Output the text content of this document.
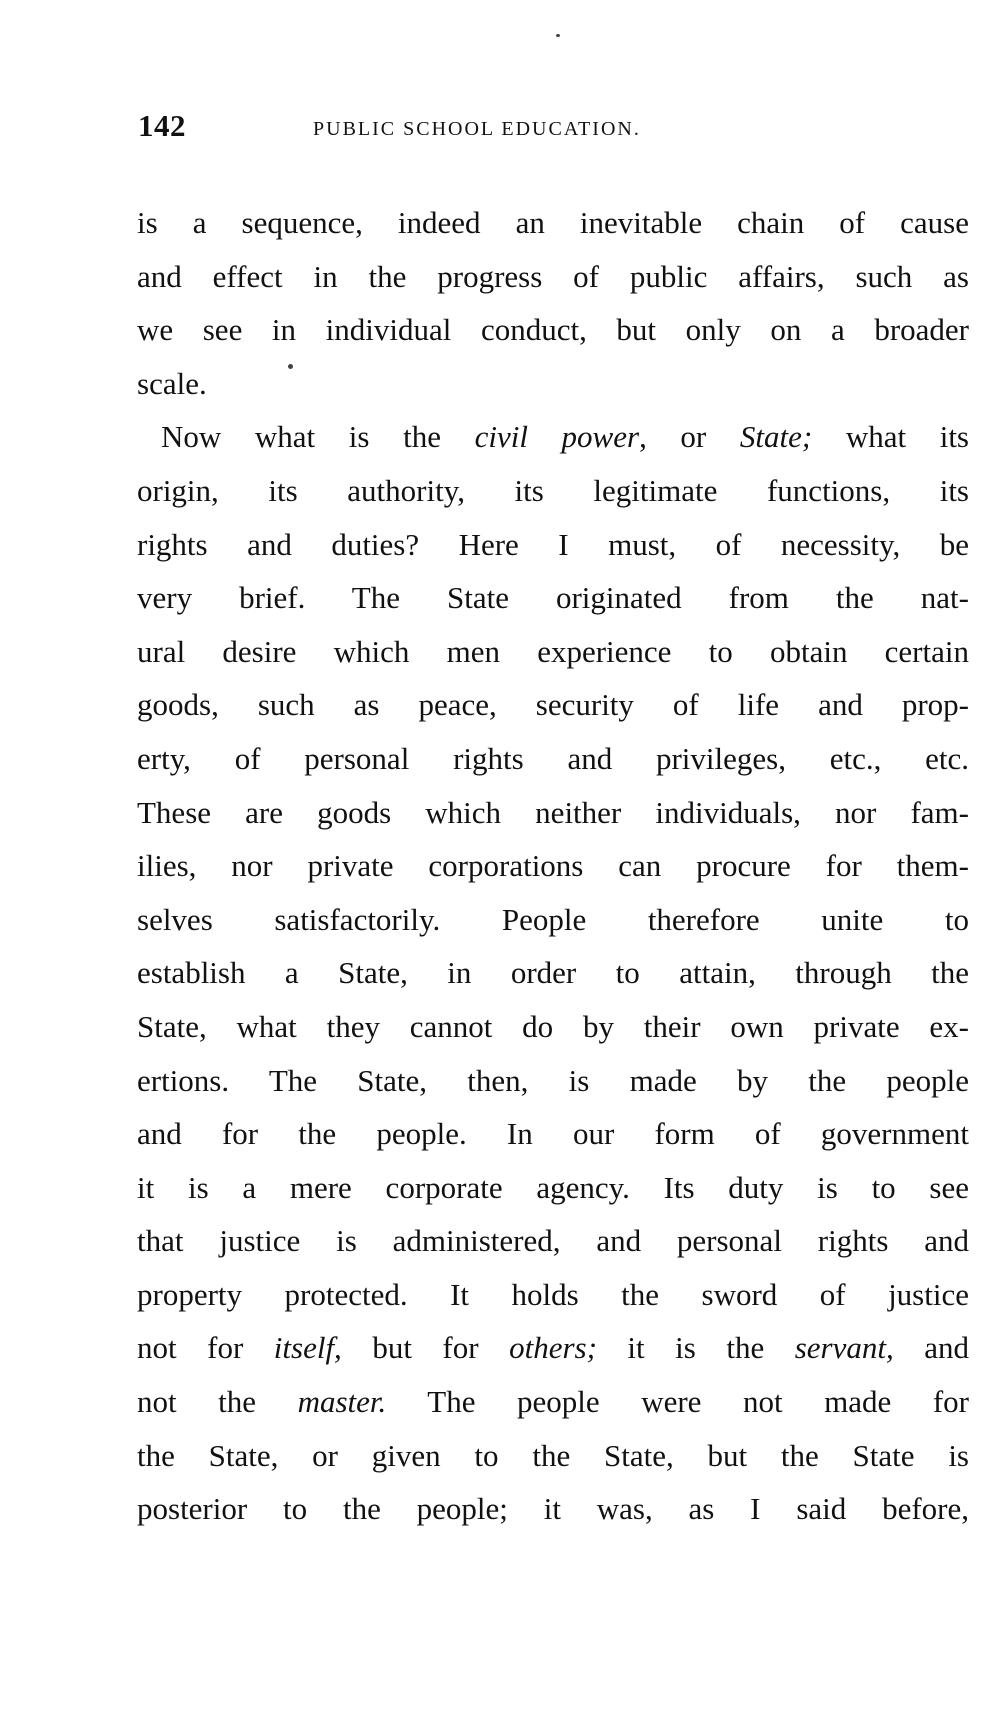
142	PUBLIC SCHOOL EDUCATION.
is a sequence, indeed an inevitable chain of cause
and effect in the progress of public affairs, such as
we see in individual conduct, but only on a broader
scale.
Now what is the civil power, or State; what its
origin, its authority, its legitimate functions, its
rights and duties? Here I must, of necessity, be
very brief. The State originated from the nat-
ural desire which men experience to obtain certain
goods, such as peace, security of life and prop-
erty, of personal rights and privileges, etc., etc.
These are goods which neither individuals, nor fam-
ilies, nor private corporations can procure for them-
selves satisfactorily. People therefore unite to
establish a State, in order to attain, through the
State, what they cannot do by their own private ex-
ertions. The State, then, is made by the people
and for the people. In our form of government
it is a mere corporate agency. Its duty is to see
that justice is administered, and personal rights and
property protected. It holds the sword of justice
not for itself, but for others; it is the servant, and
not the master. The people were not made for
the State, or given to the State, but the State is
posterior to the people; it was, as I said before,
